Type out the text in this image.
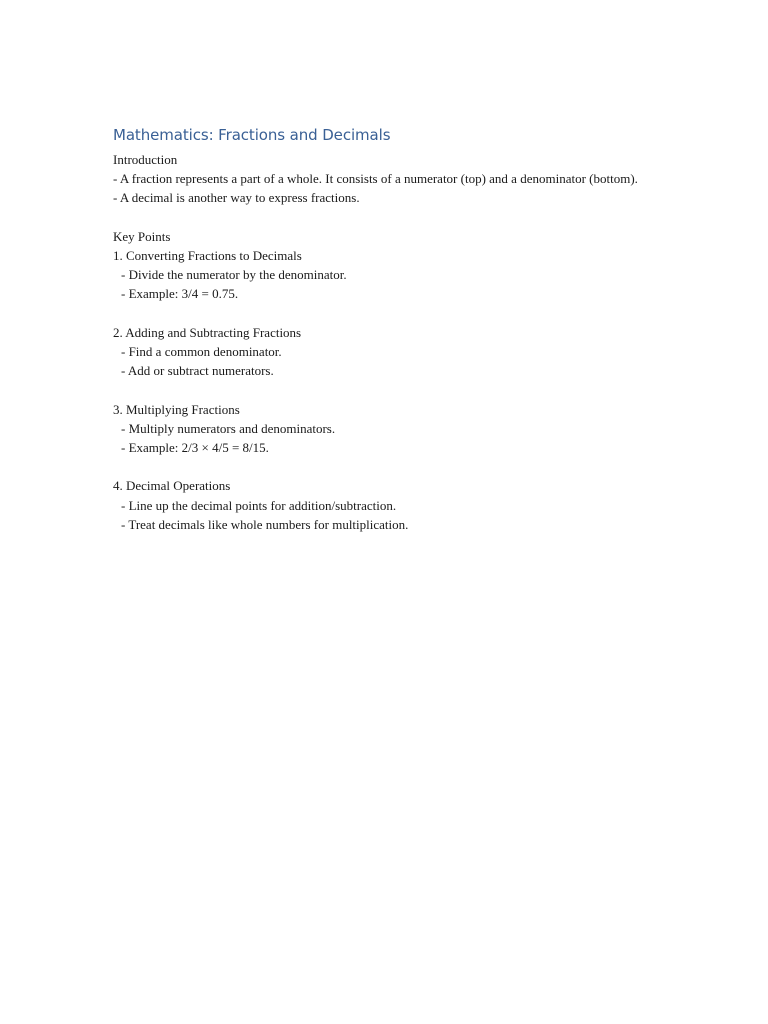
Mathematics: Fractions and Decimals

Introduction

- A fraction represents a part of a whole. It consists of a numerator (top) and a denominator (bottom).

- A decimal is another way to express fractions.

Key Points

1. Converting Fractions to Decimals

- Divide the numerator by the denominator.

- Example: 3/4 = 0.75.

2. Adding and Subtracting Fractions

- Find a common denominator.

- Add or subtract numerators.

3. Multiplying Fractions

- Multiply numerators and denominators.

- Example: 2/3 × 4/5 = 8/15.

4. Decimal Operations

- Line up the decimal points for addition/subtraction.

- Treat decimals like whole numbers for multiplication.
